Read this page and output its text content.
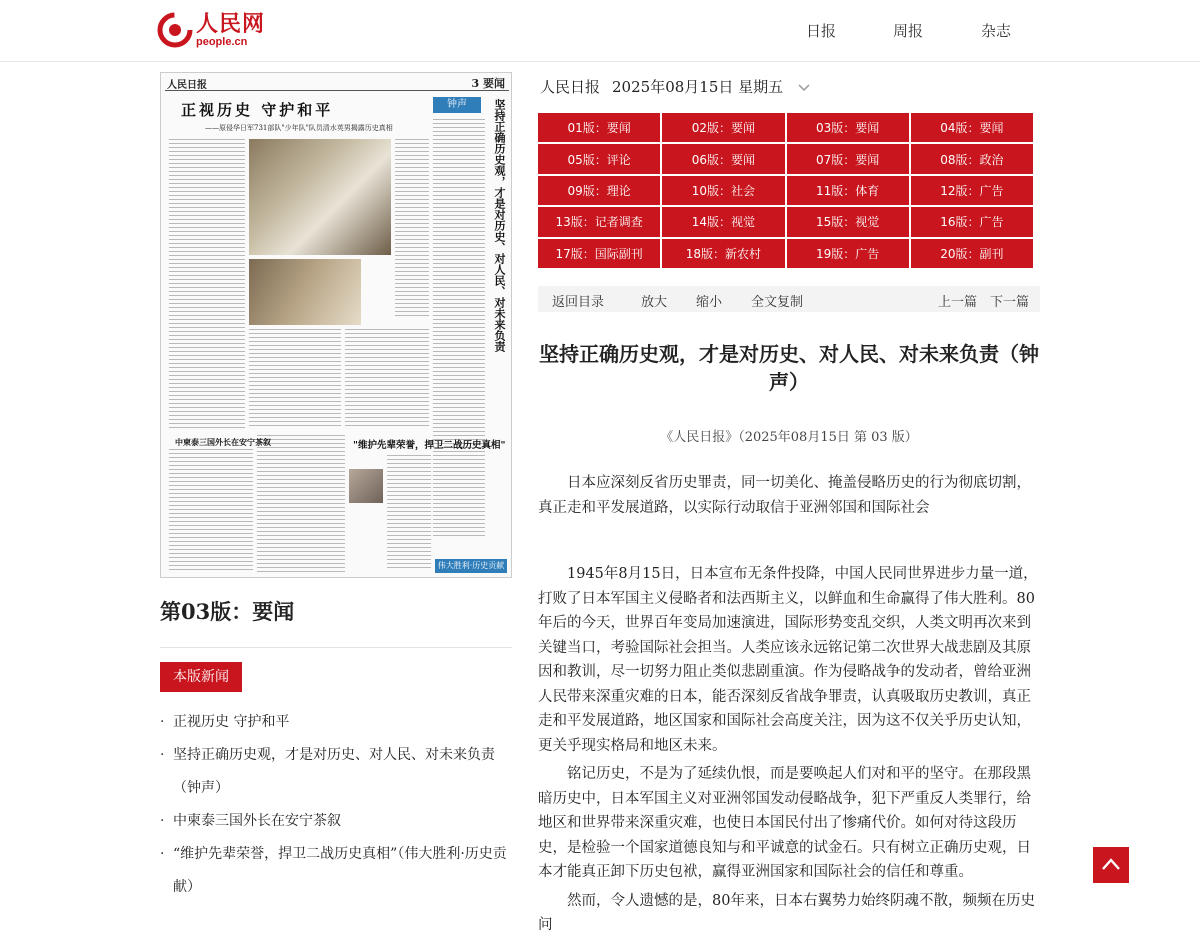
人民网
people.cn
日报	周报	杂志
人民日报	3 要闻
正视历史 守护和平
——原侵华日军731部队"少年队"队员清水英男揭露历史真相
钟声	坚持正确历史观，才是对历史、对人民、对未来负责
"维护先辈荣誉，捍卫二战历史真相"
中柬泰三国外长在安宁茶叙
伟大胜利·历史贡献
第03版：要闻
本版新闻
· 正视历史 守护和平
· 坚持正确历史观，才是对历史、对人民、对未来负责（钟声）
· 中柬泰三国外长在安宁茶叙
· “维护先辈荣誉，捍卫二战历史真相”（伟大胜利·历史贡献）
人民日报 2025年08月15日 星期五
01版：要闻	02版：要闻	03版：要闻	04版：要闻
05版：评论	06版：要闻	07版：要闻	08版：政治
09版：理论	10版：社会	11版：体育	12版：广告
13版：记者调查	14版：视觉	15版：视觉	16版：广告
17版：国际副刊	18版：新农村	19版：广告	20版：副刊
返回目录	放大 缩小 全文复制	上一篇 下一篇
坚持正确历史观，才是对历史、对人民、对未来负责（钟声）
《人民日报》（2025年08月15日 第 03 版）

日本应深刻反省历史罪责，同一切美化、掩盖侵略历史的行为彻底切割，真正走和平发展道路，以实际行动取信于亚洲邻国和国际社会

1945年8月15日，日本宣布无条件投降，中国人民同世界进步力量一道，打败了日本军国主义侵略者和法西斯主义，以鲜血和生命赢得了伟大胜利。80年后的今天，世界百年变局加速演进，国际形势变乱交织，人类文明再次来到关键当口，考验国际社会担当。人类应该永远铭记第二次世界大战悲剧及其原因和教训，尽一切努力阻止类似悲剧重演。作为侵略战争的发动者，曾给亚洲人民带来深重灾难的日本，能否深刻反省战争罪责，认真吸取历史教训，真正走和平发展道路，地区国家和国际社会高度关注，因为这不仅关乎历史认知，更关乎现实格局和地区未来。

铭记历史，不是为了延续仇恨，而是要唤起人们对和平的坚守。在那段黑暗历史中，日本军国主义对亚洲邻国发动侵略战争，犯下严重反人类罪行，给地区和世界带来深重灾难，也使日本国民付出了惨痛代价。如何对待这段历史，是检验一个国家道德良知与和平诚意的试金石。只有树立正确历史观，日本才能真正卸下历史包袱，赢得亚洲国家和国际社会的信任和尊重。

然而，令人遗憾的是，80年来，日本右翼势力始终阴魂不散，频频在历史问
